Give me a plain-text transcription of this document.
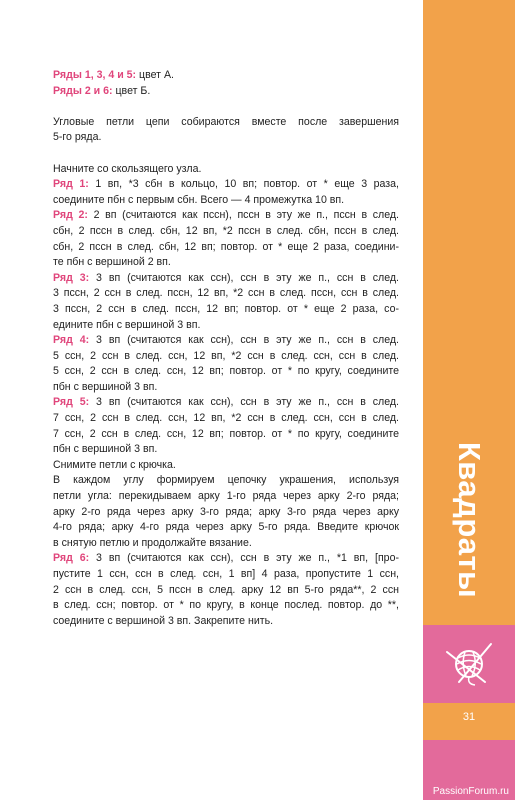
Ряды 1, 3, 4 и 5: цвет А.

Ряды 2 и 6: цвет Б.

Угловые петли цепи собираются вместе после завершения

5-го ряда.

Начните со скользящего узла.

Ряд 1: 1 вп, *3 сбн в кольцо, 10 вп; повтор. от * еще 3 раза,

соедините пбн с первым сбн. Всего — 4 промежутка 10 вп.

Ряд 2: 2 вп (считаются как пссн), пссн в эту же п., пссн в след.

сбн, 2 пссн в след. сбн, 12 вп, *2 пссн в след. сбн, пссн в след.

сбн, 2 пссн в след. сбн, 12 вп; повтор. от * еще 2 раза, соедини-

те пбн с вершиной 2 вп.

Ряд 3: 3 вп (считаются как ссн), ссн в эту же п., ссн в след.

3 пссн, 2 ссн в след. пссн, 12 вп, *2 ссн в след. пссн, ссн в след.

3 пссн, 2 ссн в след. пссн, 12 вп; повтор. от * еще 2 раза, со-

едините пбн с вершиной 3 вп.

Ряд 4: 3 вп (считаются как ссн), ссн в эту же п., ссн в след.

5 ссн, 2 ссн в след. ссн, 12 вп, *2 ссн в след. ссн, ссн в след.

5 ссн, 2 ссн в след. ссн, 12 вп; повтор. от * по кругу, соедините

пбн с вершиной 3 вп.

Ряд 5: 3 вп (считаются как ссн), ссн в эту же п., ссн в след.

7 ссн, 2 ссн в след. ссн, 12 вп, *2 ссн в след. ссн, ссн в след.

7 ссн, 2 ссн в след. ссн, 12 вп; повтор. от * по кругу, соедините

пбн с вершиной 3 вп.

Снимите петли с крючка.

В каждом углу формируем цепочку украшения, используя

петли угла: перекидываем арку 1-го ряда через арку 2-го ряда;

арку 2-го ряда через арку 3-го ряда; арку 3-го ряда через арку

4-го ряда; арку 4-го ряда через арку 5-го ряда. Введите крючок

в снятую петлю и продолжайте вязание.

Ряд 6: 3 вп (считаются как ссн), ссн в эту же п., *1 вп, [про-

пустите 1 ссн, ссн в след. ссн, 1 вп] 4 раза, пропустите 1 ссн,

2 ссн в след. ссн, 5 пссн в след. арку 12 вп 5-го ряда**, 2 ссн

в след. ссн; повтор. от * по кругу, в конце послед. повтор. до **,

соедините с вершиной 3 вп. Закрепите нить.

Квадраты
31
PassionForum.ru
